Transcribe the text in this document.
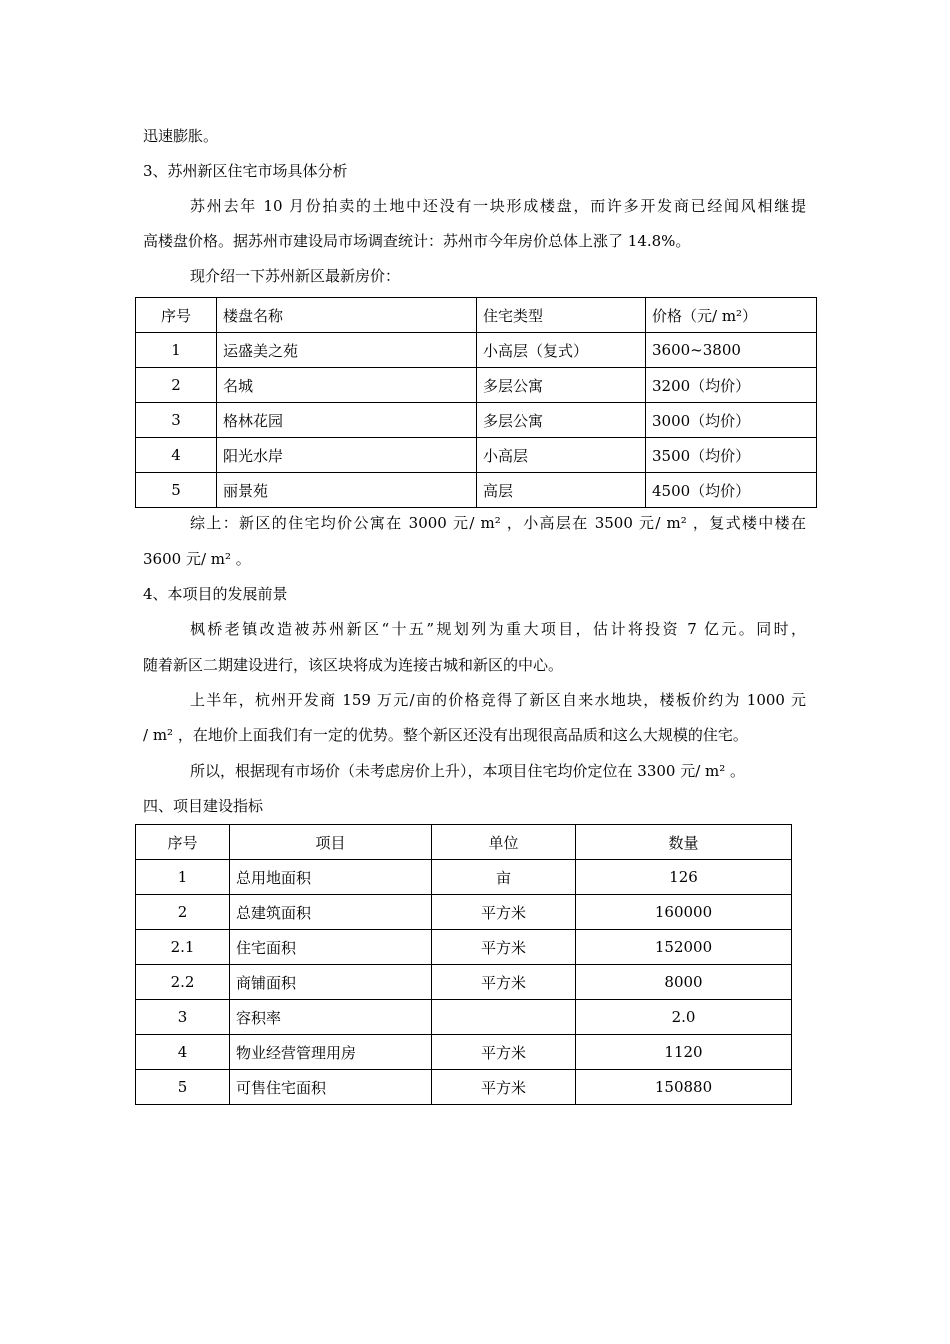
迅速膨胀。
3、苏州新区住宅市场具体分析
苏州去年 10 月份拍卖的土地中还没有一块形成楼盘，而许多开发商已经闻风相继提
高楼盘价格。据苏州市建设局市场调查统计：苏州市今年房价总体上涨了 14.8%。
现介绍一下苏州新区最新房价：
序号	楼盘名称	住宅类型	价格（元/ m²）
1	运盛美之苑	小高层（复式）	3600~3800
2	名城	多层公寓	3200（均价）
3	格林花园	多层公寓	3000（均价）
4	阳光水岸	小高层	3500（均价）
5	丽景苑	高层	4500（均价）
综上：新区的住宅均价公寓在 3000 元/ m² ，小高层在 3500 元/ m² ，复式楼中楼在
3600 元/ m² 。
4、本项目的发展前景
枫桥老镇改造被苏州新区“十五”规划列为重大项目，估计将投资 7 亿元。同时，
随着新区二期建设进行，该区块将成为连接古城和新区的中心。
上半年，杭州开发商 159 万元/亩的价格竞得了新区自来水地块，楼板价约为 1000 元
/ m² ，在地价上面我们有一定的优势。整个新区还没有出现很高品质和这么大规模的住宅。
所以，根据现有市场价（未考虑房价上升），本项目住宅均价定位在 3300 元/ m² 。
四、项目建设指标
序号	项目	单位	数量
1	总用地面积	亩	126
2	总建筑面积	平方米	160000
2.1	住宅面积	平方米	152000
2.2	商铺面积	平方米	8000
3	容积率		2.0
4	物业经营管理用房	平方米	1120
5	可售住宅面积	平方米	150880
